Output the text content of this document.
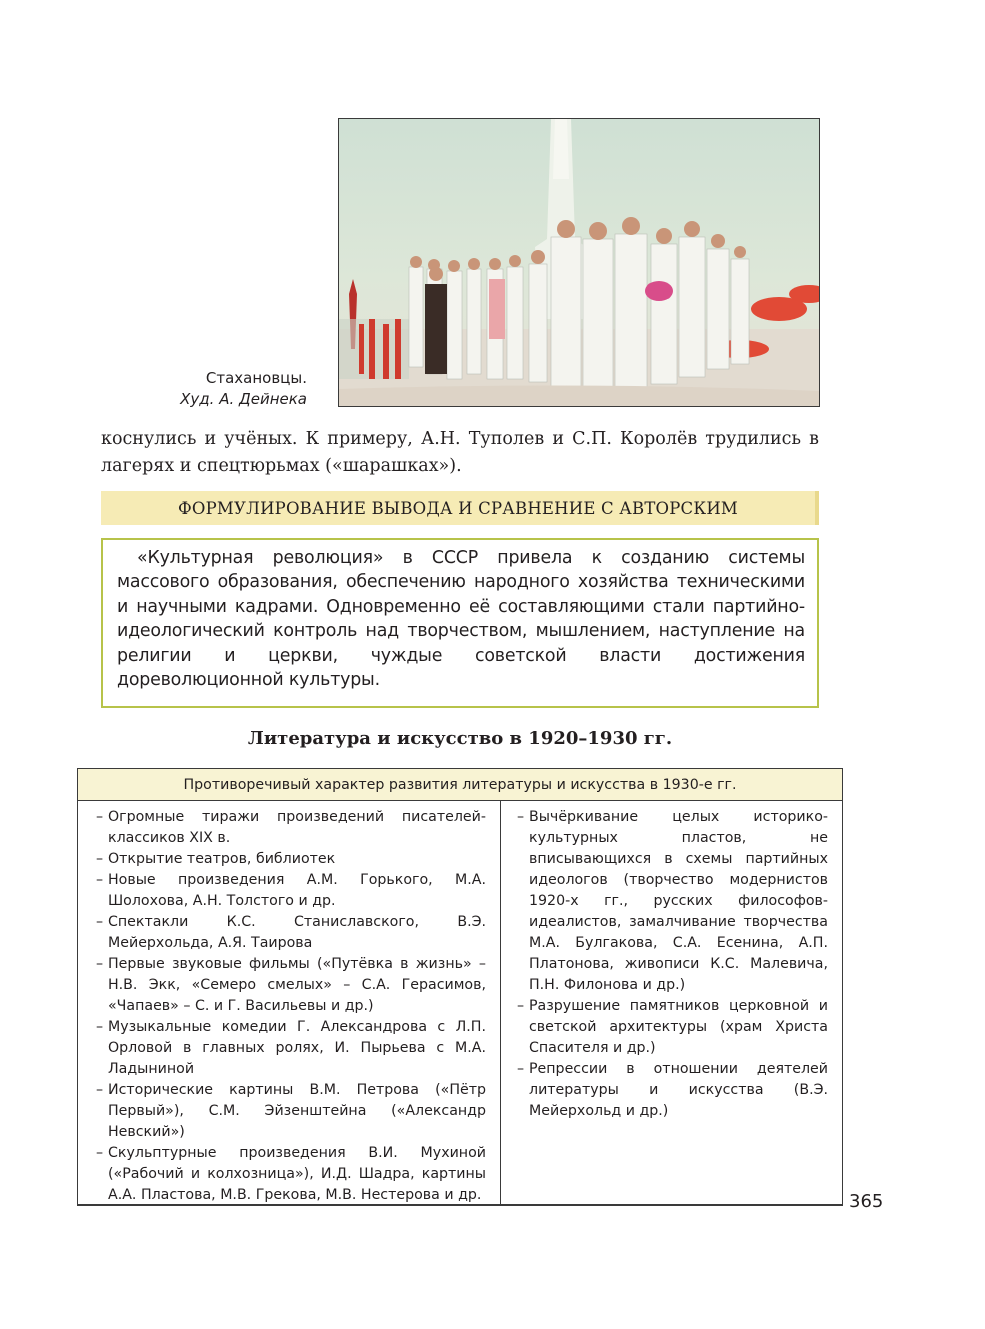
Стахановцы.
Худ. А. Дейнека
коснулись и учёных. К примеру, А.Н. Туполев и С.П. Королёв трудились в лагерях и спецтюрьмах («шарашках»).
ФОРМУЛИРОВАНИЕ ВЫВОДА И СРАВНЕНИЕ С АВТОРСКИМ
«Культурная революция» в СССР привела к созданию системы массового образования, обеспечению народного хозяйства техническими и научными кадрами. Одновременно её составляющими стали партийно-идеологический контроль над творчеством, мышлением, наступление на религии и церкви, чуждые советской власти достижения дореволюционной культуры.
Литература и искусство в 1920–1930 гг.
Противоречивый характер развития литературы и искусства в 1930-е гг.
– Огромные тиражи произведений писателей-классиков XIX в.
– Открытие театров, библиотек
– Новые произведения А.М. Горького, М.А. Шолохова, А.Н. Толстого и др.
– Спектакли К.С. Станиславского, В.Э. Мейерхольда, А.Я. Таирова
– Первые звуковые фильмы («Путёвка в жизнь» – Н.В. Экк, «Семеро смелых» – С.А. Герасимов, «Чапаев» – С. и Г. Васильевы и др.)
– Музыкальные комедии Г. Александрова с Л.П. Орловой в главных ролях, И. Пырьева с М.А. Ладыниной
– Исторические картины В.М. Петрова («Пётр Первый»), С.М. Эйзенштейна («Александр Невский»)
– Скульптурные произведения В.И. Мухиной («Рабочий и колхозница»), И.Д. Шадра, картины А.А. Пластова, М.В. Грекова, М.В. Нестерова и др.
– Вычёркивание целых историко-культурных пластов, не вписывающихся в схемы партийных идеологов (творчество модернистов 1920-х гг., русских философов-идеалистов, замалчивание творчества М.А. Булгакова, С.А. Есенина, А.П. Платонова, живописи К.С. Малевича, П.Н. Филонова и др.)
– Разрушение памятников церковной и светской архитектуры (храм Христа Спасителя и др.)
– Репрессии в отношении деятелей литературы и искусства (В.Э. Мейерхольд и др.)
365
